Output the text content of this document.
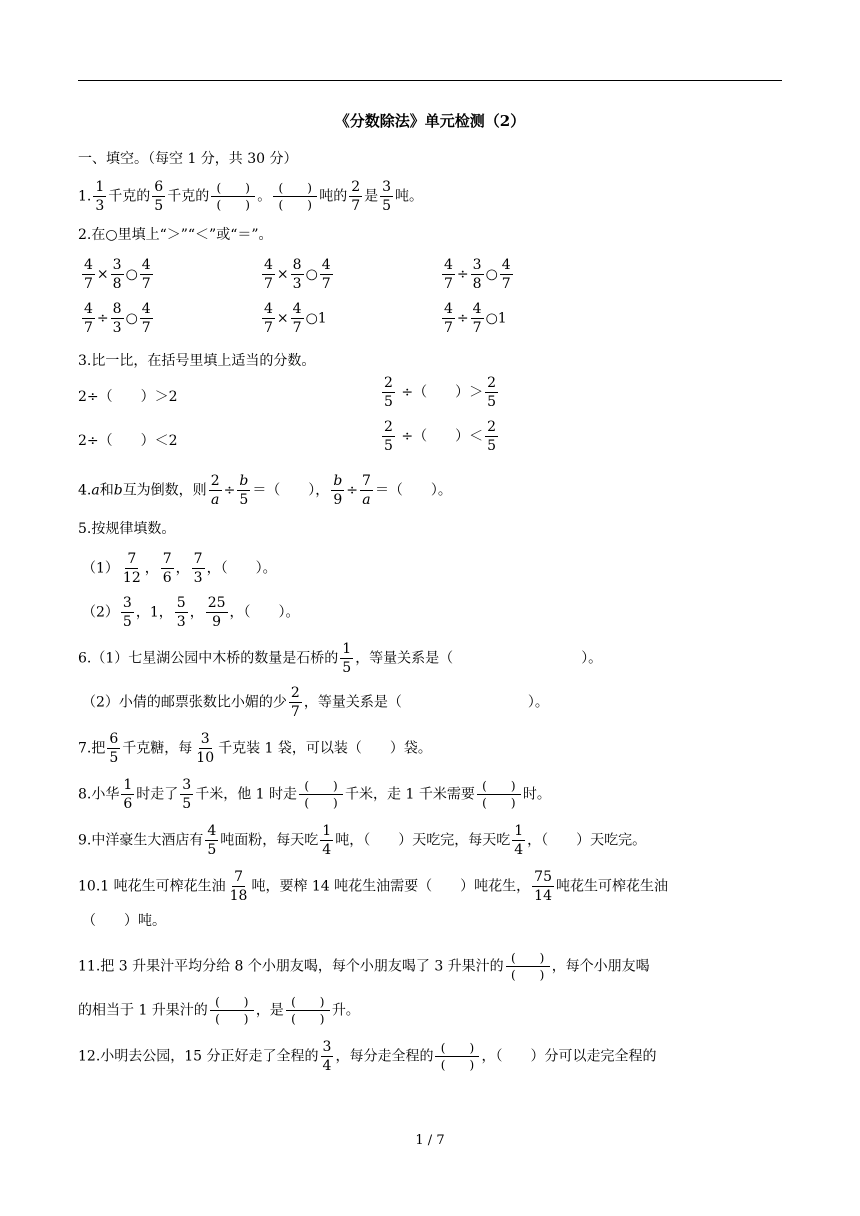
《分数除法》单元检测（2）
一、填空。（每空 1 分，共 30 分）
1. $\frac{1}{3}$ 千克的 $\frac{6}{5}$ 千克的
(　　)
(　　)
。
(　　)
(　　)
吨的 $\frac{2}{7}$ 是 $\frac{3}{5}$ 吨。
2.在○里填上“＞”“＜”或“＝”。
$\frac{4}{7} \times \frac{3}{8}$ ○ $\frac{4}{7}$	$\frac{4}{7} \times \frac{8}{3}$ ○ $\frac{4}{7}$	$\frac{4}{7} \div \frac{3}{8}$ ○ $\frac{4}{7}$
$\frac{4}{7} \div \frac{8}{3}$ ○ $\frac{4}{7}$	$\frac{4}{7} \times \frac{4}{7}$ ○1	$\frac{4}{7} \div \frac{4}{7}$ ○1
3.比一比，在括号里填上适当的分数。
2÷（　　）＞2
2÷（　　）＜2
$\frac{2}{5}$ ÷（　　）＞ $\frac{2}{5}$
$\frac{2}{5}$ ÷（　　）＜ $\frac{2}{5}$
4.a和b互为倒数，则 $\frac{2}{a} \div \frac{b}{5}$ ＝（　　）， $\frac{b}{9} \div \frac{7}{a}$ ＝（　　）。
5.按规律填数。
$(1) \frac{7}{12}$ ， $\frac{7}{6}$ ， $\frac{7}{3}$ ，（　　）。
$(2) \frac{3}{5}$ ，1， $\frac{5}{3}$ ， $\frac{25}{9}$ ，（　　）。
6.（1）七星湖公园中木桥的数量是石桥的 $\frac{1}{5}$ ，等量关系是（	）。
（2）小倩的邮票张数比小媚的少 $\frac{2}{7}$ ，等量关系是（	）。
7.把 $\frac{6}{5}$ 千克糖，每 $\frac{3}{10}$ 千克装 1 袋，可以装（　　）袋。
8.小华 $\frac{1}{6}$ 时走了 $\frac{3}{5}$ 千米，他 1 时走
(　　)
(　　)
千米，走 1 千米需要
(　　)
(　　)
时。
9.中洋豪生大酒店有 $\frac{4}{5}$ 吨面粉，每天吃 $\frac{1}{4}$ 吨，（　　）天吃完，每天吃 $\frac{1}{4}$ ，（　　）天吃完。
10.1 吨花生可榨花生油 $\frac{7}{18}$ 吨，要榨 14 吨花生油需要（　　）吨花生， $\frac{75}{14}$ 吨花生可榨花生油
（　　）吨。
11.把 3 升果汁平均分给 8 个小朋友喝，每个小朋友喝了 3 升果汁的
(　　)
(　　)
，每个小朋友喝
的相当于 1 升果汁的
(　　)
(　　)
，是
(　　)
(　　)
升。
12.小明去公园，15 分正好走了全程的 $\frac{3}{4}$ ，每分走全程的
(　　)
(　　)
，（　　）分可以走完全程的
1 / 7
